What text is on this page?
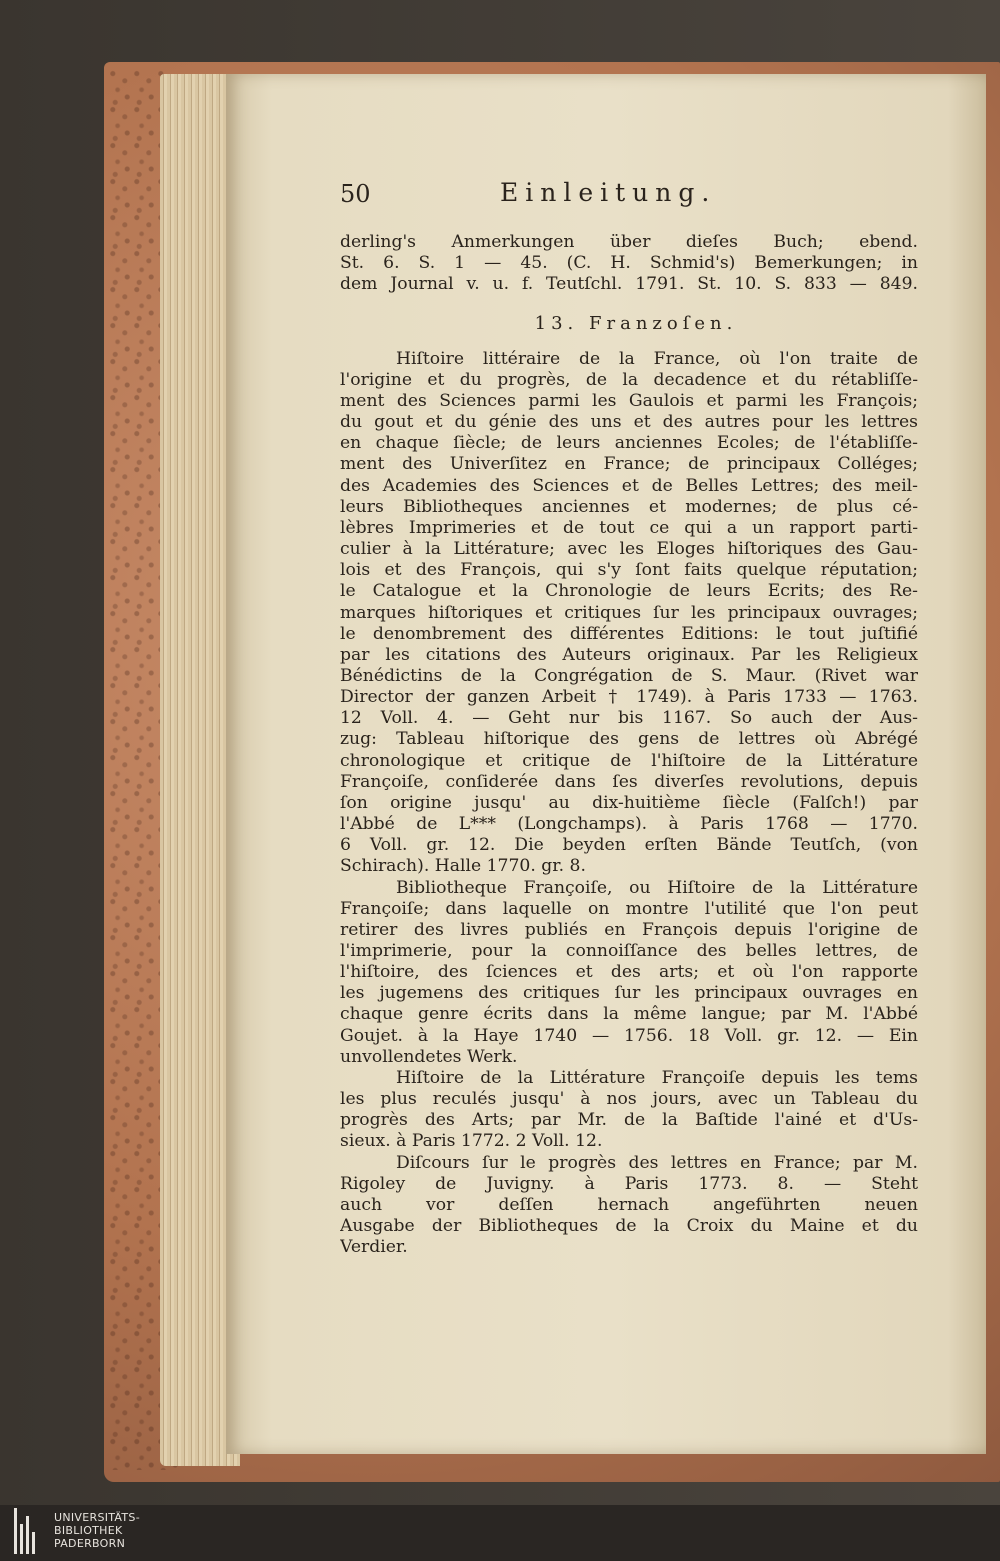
50	Einleitung.
derling's Anmerkungen über dieſes Buch; ebend.
St. 6. S. 1 — 45. (C. H. Schmid's) Bemerkungen; in
dem Journal v. u. f. Teutſchl. 1791. St. 10. S. 833 — 849.
13. Franzoſen.
Hiſtoire littéraire de la France, où l'on traite de
l'origine et du progrès, de la decadence et du rétabliſſe-
ment des Sciences parmi les Gaulois et parmi les François;
du gout et du génie des uns et des autres pour les lettres
en chaque ſiècle; de leurs anciennes Ecoles; de l'établiſſe-
ment des Univerſitez en France; de principaux Colléges;
des Academies des Sciences et de Belles Lettres; des meil-
leurs Bibliotheques anciennes et modernes; de plus cé-
lèbres Imprimeries et de tout ce qui a un rapport parti-
culier à la Littérature; avec les Eloges hiſtoriques des Gau-
lois et des François, qui s'y ſont faits quelque réputation;
le Catalogue et la Chronologie de leurs Ecrits; des Re-
marques hiſtoriques et critiques ſur les principaux ouvrages;
le denombrement des différentes Editions: le tout juſtifié
par les citations des Auteurs originaux. Par les Religieux
Bénédictins de la Congrégation de S. Maur. (Rivet war
Director der ganzen Arbeit † 1749). à Paris 1733 — 1763.
12 Voll. 4. — Geht nur bis 1167. So auch der Aus-
zug: Tableau hiſtorique des gens de lettres où Abrégé
chronologique et critique de l'hiſtoire de la Littérature
Françoiſe, conſiderée dans ſes diverſes revolutions, depuis
ſon origine jusqu' au dix-huitième ſiècle (Falſch!) par
l'Abbé de L*** (Longchamps). à Paris 1768 — 1770.
6 Voll. gr. 12. Die beyden erſten Bände Teutſch, (von
Schirach). Halle 1770. gr. 8.
Bibliotheque Françoiſe, ou Hiſtoire de la Littérature
Françoiſe; dans laquelle on montre l'utilité que l'on peut
retirer des livres publiés en François depuis l'origine de
l'imprimerie, pour la connoiſſance des belles lettres, de
l'hiſtoire, des ſciences et des arts; et où l'on rapporte
les jugemens des critiques ſur les principaux ouvrages en
chaque genre écrits dans la même langue; par M. l'Abbé
Goujet. à la Haye 1740 — 1756. 18 Voll. gr. 12. — Ein
unvollendetes Werk.
Hiſtoire de la Littérature Françoiſe depuis les tems
les plus reculés jusqu' à nos jours, avec un Tableau du
progrès des Arts; par Mr. de la Baſtide l'ainé et d'Us-
sieux. à Paris 1772. 2 Voll. 12.
Diſcours ſur le progrès des lettres en France; par M.
Rigoley de Juvigny. à Paris 1773. 8. — Steht
auch vor deſſen hernach angeführten neuen
Ausgabe der Bibliotheques de la Croix du Maine et du
Verdier.
UNIVERSITÄTS-
BIBLIOTHEK
PADERBORN
